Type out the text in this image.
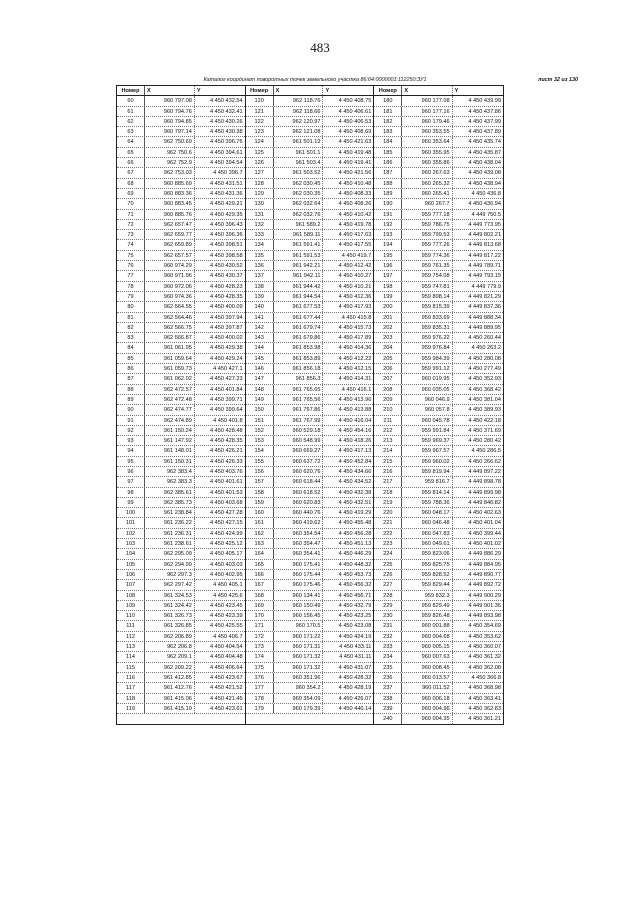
483
Каталог координат поворотных точек земельного участка 86:04:0000001:112250:ЗУ1	лист 32 из 130
Номер	X	Y
60	960 797.08	4 450 432.54
61	960 794.76	4 450 432.41
62	960 794.85	4 450 430.26
63	960 797.14	4 450 430.38
64	962 750.69	4 450 396.76
65	962 750.6	4 450 394.61
66	962 752.9	4 450 394.54
67	962 753.03	4 450 396.7
68	960 885.69	4 450 431.51
69	960 883.36	4 450 431.36
70	960 883.45	4 450 429.21
71	960 885.76	4 450 429.35
72	962 657.47	4 450 396.43
73	962 659.77	4 450 396.36
74	962 659.89	4 450 398.51
75	962 657.57	4 450 398.58
76	960 974.29	4 450 430.52
77	960 971.96	4 450 430.37
78	960 972.06	4 450 428.23
79	960 974.36	4 450 428.35
80	962 564.55	4 450 400.09
81	962 564.46	4 450 397.94
82	962 566.75	4 450 397.87
83	962 566.87	4 450 400.02
84	961 061.95	4 450 429.38
85	961 059.64	4 450 429.24
86	961 059.73	4 450 427.1
87	961 062.02	4 450 427.23
88	962 472.57	4 450 401.84
89	962 472.48	4 450 399.71
90	962 474.77	4 450 399.64
91	962 474.89	4 450 401.8
92	961 150.24	4 450 428.48
93	961 147.92	4 450 428.35
94	961 148.01	4 450 426.21
95	961 150.31	4 450 426.33
96	962 383.4	4 450 403.76
97	962 383.3	4 450 401.61
98	962 385.61	4 450 401.53
99	962 385.73	4 450 403.68
100	961 238.84	4 450 427.28
101	961 236.22	4 450 427.15
102	961 236.31	4 450 424.99
103	961 238.61	4 450 425.12
104	962 295.09	4 450 405.17
105	962 294.99	4 450 403.03
106	962 297.3	4 450 402.95
107	962 297.42	4 450 405.1
108	961 324.53	4 450 425.6
109	961 324.42	4 450 423.45
110	961 326.73	4 450 423.39
111	961 326.85	4 450 425.55
112	962 206.89	4 450 406.7
113	962 206.8	4 450 404.54
114	962 209.1	4 450 404.48
115	962 209.22	4 450 406.64
116	961 412.85	4 450 423.67
117	961 412.76	4 450 421.52
118	961 415.06	4 450 421.45
119	961 415.19	4 450 423.61
Номер	X	Y
120	962 118.76	4 450 408.75
121	962 118.66	4 450 406.61
122	962 120.97	4 450 406.53
123	962 121.08	4 450 408.69
124	961 501.19	4 450 421.63
125	961 501.1	4 450 419.48
126	961 503.4	4 450 419.41
127	961 503.52	4 450 421.56
128	962 030.45	4 450 410.48
129	962 030.35	4 450 408.33
130	962 032.64	4 450 408.26
131	962 032.76	4 450 410.42
132	961 589.2	4 450 419.78
133	961 589.11	4 450 417.63
134	961 591.41	4 450 417.55
135	961 591.53	4 450 419.7
136	961 942.21	4 450 412.42
137	961 942.11	4 450 410.27
138	961 944.42	4 450 410.21
139	961 944.54	4 450 412.36
140	961 677.53	4 450 417.93
141	961 677.44	4 450 415.8
142	961 679.74	4 450 415.73
143	961 679.86	4 450 417.89
144	961 853.98	4 450 414.36
145	961 853.89	4 450 412.22
146	961 856.18	4 450 412.15
147	961 856.3	4 450 414.31
148	961 765.65	4 450 416.1
149	961 765.56	4 450 413.96
150	961 767.86	4 450 413.88
151	961 767.99	4 450 416.04
152	960 529.18	4 450 454.16
153	960 548.99	4 450 418.26
154	960 669.27	4 450 417.13
155	960 637.72	4 450 452.84
156	960 620.76	4 450 434.66
157	960 618.44	4 450 434.52
158	960 618.52	4 450 432.38
159	960 620.83	4 450 432.51
160	960 440.76	4 450 419.29
161	960 419.62	4 450 455.48
162	960 354.54	4 450 456.28
163	960 354.47	4 450 451.13
164	960 354.41	4 450 446.29
165	960 175.41	4 450 448.32
166	960 175.44	4 450 453.73
167	960 175.46	4 450 456.32
168	960 134.41	4 450 456.71
169	960 150.49	4 450 432.79
170	960 156.45	4 450 423.25
171	960 170.5	4 450 423.08
172	960 171.22	4 450 424.19
173	960 171.31	4 450 433.11
174	960 171.32	4 450 431.11
175	960 171.32	4 450 431.07
176	960 351.96	4 450 428.32
177	960 354.2	4 450 428.19
178	960 354.09	4 450 426.07
179	960 179.39	4 450 440.14
Номер	X	Y
180	960 177.08	4 450 439.99
181	960 177.16	4 450 437.86
182	960 179.46	4 450 437.99
183	960 353.55	4 450 437.89
184	960 353.64	4 450 435.74
185	960 355.95	4 450 435.87
186	960 355.86	4 450 438.04
187	960 267.63	4 450 439.08
188	960 265.32	4 450 438.94
189	960 265.41	4 450 436.8
190	960 267.7	4 450 436.94
191	959 777.18	4 449 750.5
192	959 786.75	4 449 773.95
193	959 799.53	4 449 802.21
194	959 777.26	4 449 813.68
195	959 774.36	4 449 817.22
196	959 761.35	4 449 789.71
197	959 754.08	4 449 793.15
198	959 747.81	4 449 779.9
199	959 808.14	4 449 821.29
200	959 815.39	4 449 837.36
201	959 833.69	4 449 888.34
202	959 835.31	4 449 889.95
203	959 976.22	4 450 260.44
204	959 976.84	4 450 263.2
205	959 984.39	4 450 280.08
206	959 991.12	4 450 277.49
207	960 019.95	4 450 352.93
208	960 035.05	4 450 368.42
209	960 046.9	4 450 381.04
210	960 057.8	4 450 389.93
211	960 045.78	4 450 422.18
212	959 991.84	4 450 371.69
213	959 969.37	4 450 280.42
214	959 967.57	4 450 286.5
215	959 960.02	4 450 266.62
216	959 819.94	4 449 897.22
217	959 816.7	4 449 898.78
218	959 814.14	4 449 899.98
219	959 788.36	4 449 846.82
220	960 048.17	4 450 402.63
221	960 046.48	4 450 401.04
222	960 047.83	4 450 399.44
223	960 049.61	4 450 401.02
224	959 823.06	4 449 886.29
225	959 825.75	4 449 884.95
226	959 828.52	4 449 890.77
227	959 829.44	4 449 892.72
228	959 832.3	4 449 900.29
229	959 829.49	4 449 901.36
230	959 826.48	4 449 893.98
231	960 001.88	4 450 354.69
232	960 004.68	4 450 353.62
233	960 005.15	4 450 360.07
234	960 007.63	4 450 361.32
235	960 008.45	4 450 362.08
236	960 013.57	4 450 366.8
237	960 011.52	4 450 368.98
238	960 006.18	4 450 363.41
239	960 004.96	4 450 362.83
240	960 004.35	4 450 361.21
